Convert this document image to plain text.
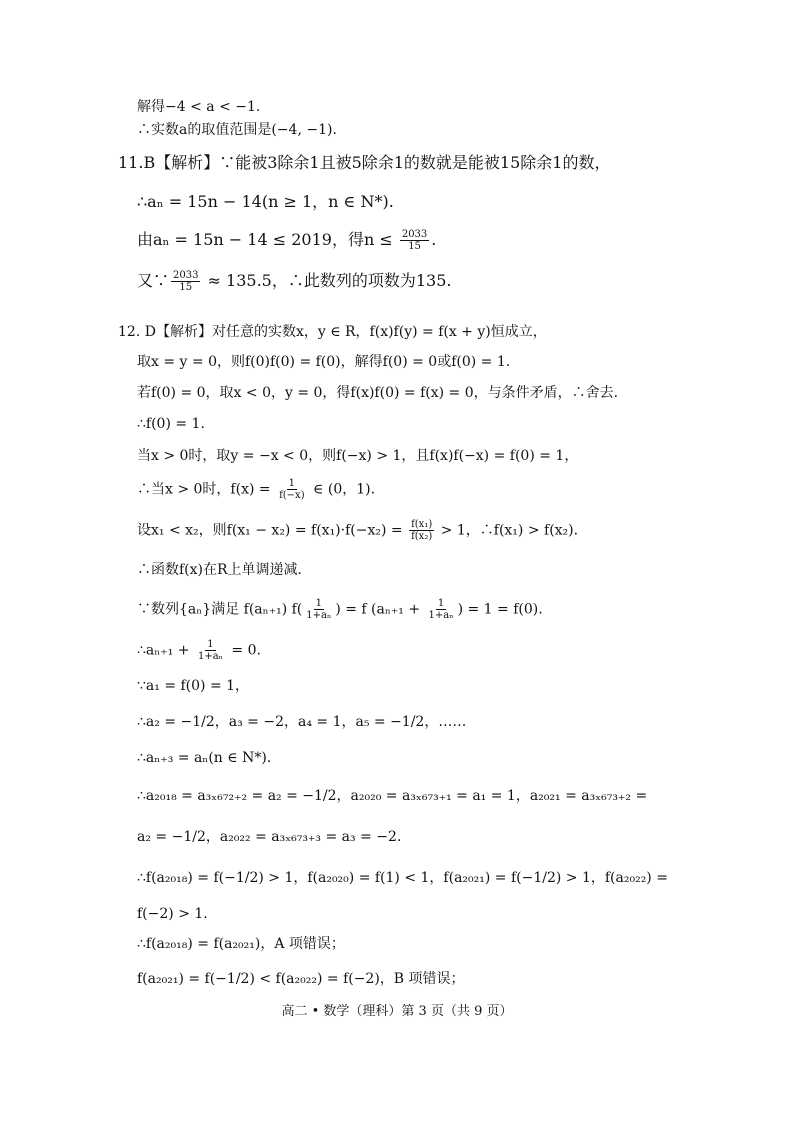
解得−4 < a < −1.
∴实数a的取值范围是(−4, −1).
11.B【解析】∵能被3除余1且被5除余1的数就是能被15除余1的数，
∴aₙ = 15n − 14(n ≥ 1，n ∈ N*).
由aₙ = 15n − 14 ≤ 2019，得$n \le \frac{2033}{15}$ .
又∵ $\frac{2033}{15} \approx 135.5$，∴此数列的项数为135.
12. D【解析】对任意的实数x，y ∈ R，f(x)f(y) = f(x + y)恒成立，
取x = y = 0，则f(0)f(0) = f(0)，解得f(0) = 0或f(0) = 1.
若f(0) = 0，取x < 0，y = 0，得f(x)f(0) = f(x) = 0，与条件矛盾，∴舍去.
∴f(0) = 1.
当x > 0时，取y = −x < 0，则f(−x) > 1，且f(x)f(−x) = f(0) = 1，
∴当x > 0时，$f(x) = \frac{1}{f(-x)}$ ∈ (0，1).
设x₁ < x₂，则$f(x_1 - x_2) = f(x_1)\cdot f(-x_2) = \frac{\text{f(x₁)}}{\text{f(x₂)}} > 1$，∴f(x₁) > f(x₂).
∴函数f(x)在R上单调递减.
∵数列{aₙ}满足 f(aₙ₊₁) $f( \frac{1}{\text{1+aₙ}}$ ) = f ($a_{n+1} + \frac{1}{\text{1+aₙ}}$ ) = 1 = f(0).
∴aₙ₊₁ + $\frac{1}{\text{1+aₙ}} = 0$.
∵a₁ = f(0) = 1，
∴a₂ = −1/2，a₃ = −2，a₄ = 1，a₅ = −1/2，……
∴aₙ₊₃ = aₙ(n ∈ N*).
∴a₂₀₁₈ = a₃ₓ₆₇₂₊₂ = a₂ = −1/2，a₂₀₂₀ = a₃ₓ₆₇₃₊₁ = a₁ = 1，a₂₀₂₁ = a₃ₓ₆₇₃₊₂ =
a₂ = −1/2，a₂₀₂₂ = a₃ₓ₆₇₃₊₃ = a₃ = −2.
∴f(a₂₀₁₈) = f(−1/2) > 1，f(a₂₀₂₀) = f(1) < 1，f(a₂₀₂₁) = f(−1/2) > 1，f(a₂₀₂₂) =
f(−2) > 1.
∴f(a₂₀₁₈) = f(a₂₀₂₁)，A 项错误；
f(a₂₀₂₁) = f(−1/2) < f(a₂₀₂₂) = f(−2)，B 项错误；
高二 • 数学（理科）第 3 页（共 9 页）
